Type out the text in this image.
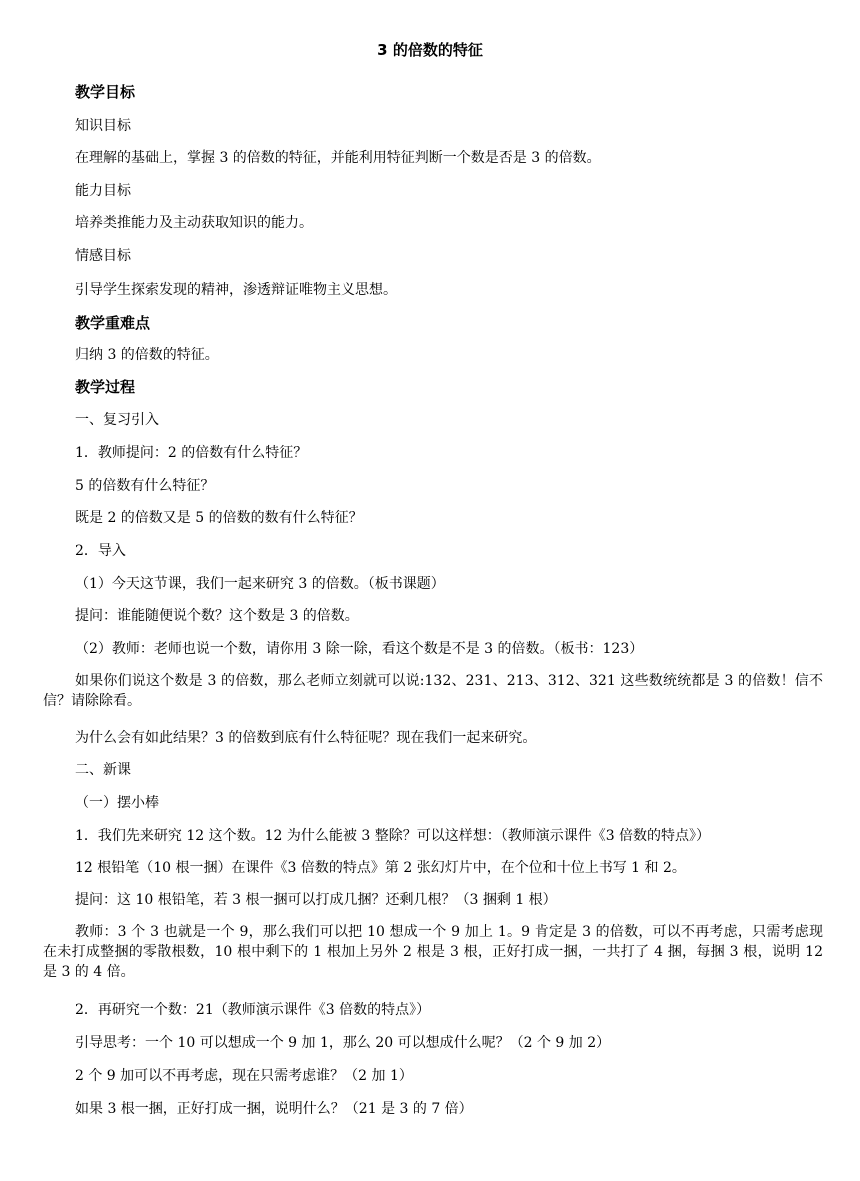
3 的倍数的特征
教学目标
知识目标
在理解的基础上，掌握 3 的倍数的特征，并能利用特征判断一个数是否是 3 的倍数。
能力目标
培养类推能力及主动获取知识的能力。
情感目标
引导学生探索发现的精神，渗透辩证唯物主义思想。
教学重难点
归纳 3 的倍数的特征。
教学过程
一、复习引入
1．教师提问：2 的倍数有什么特征？
5 的倍数有什么特征？
既是 2 的倍数又是 5 的倍数的数有什么特征？
2．导入
（1）今天这节课，我们一起来研究 3 的倍数。（板书课题）
提问：谁能随便说个数？这个数是 3 的倍数。
（2）教师：老师也说一个数，请你用 3 除一除，看这个数是不是 3 的倍数。（板书：123）
如果你们说这个数是 3 的倍数，那么老师立刻就可以说:132、231、213、312、321 这些数统统都是 3 的倍数！信不信？请除除看。
为什么会有如此结果？3 的倍数到底有什么特征呢？现在我们一起来研究。
二、新课
（一）摆小棒
1．我们先来研究 12 这个数。12 为什么能被 3 整除？可以这样想：（教师演示课件《3 倍数的特点》）
12 根铅笔（10 根一捆）在课件《3 倍数的特点》第 2 张幻灯片中，在个位和十位上书写 1 和 2。
提问：这 10 根铅笔，若 3 根一捆可以打成几捆？还剩几根？（3 捆剩 1 根）
教师：3 个 3 也就是一个 9，那么我们可以把 10 想成一个 9 加上 1。9 肯定是 3 的倍数，可以不再考虑，只需考虑现在未打成整捆的零散根数，10 根中剩下的 1 根加上另外 2 根是 3 根，正好打成一捆，一共打了 4 捆，每捆 3 根，说明 12 是 3 的 4 倍。
2．再研究一个数：21（教师演示课件《3 倍数的特点》）
引导思考：一个 10 可以想成一个 9 加 1，那么 20 可以想成什么呢？（2 个 9 加 2）
2 个 9 加可以不再考虑，现在只需考虑谁？（2 加 1）
如果 3 根一捆，正好打成一捆，说明什么？（21 是 3 的 7 倍）
